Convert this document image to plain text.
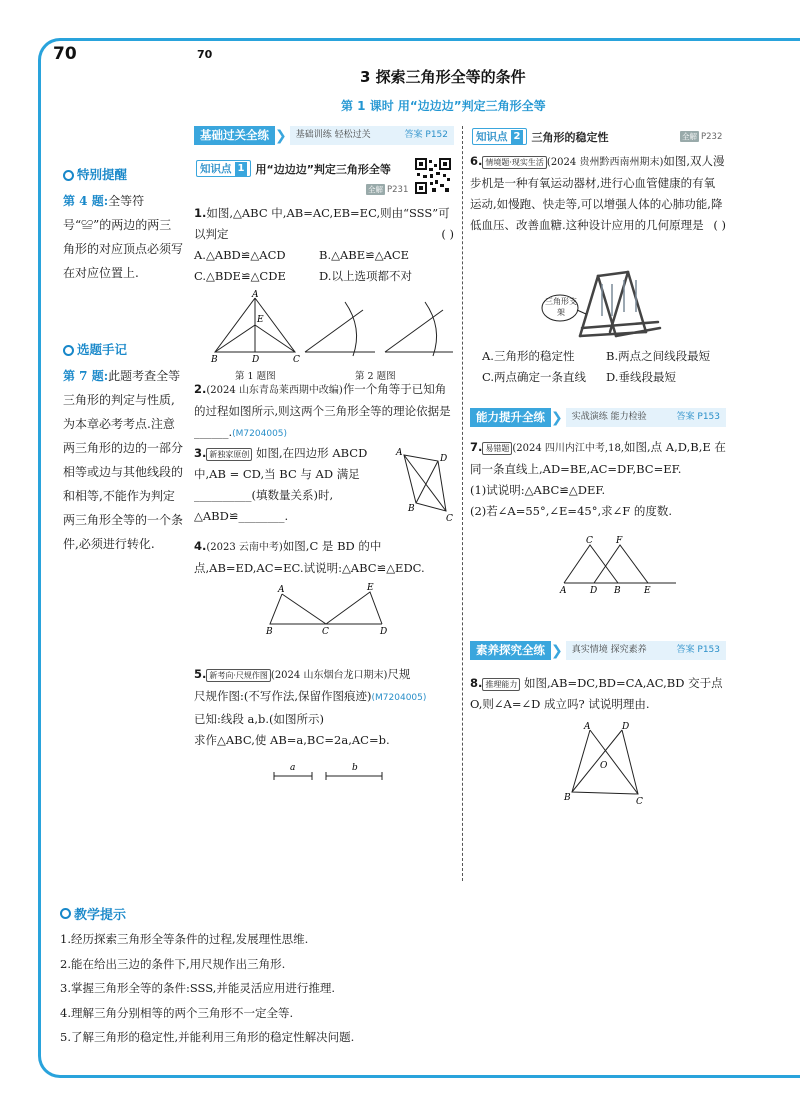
70	70
3 探索三角形全等的条件
第 1 课时 用“边边边”判定三角形全等
特别提醒
第 4 题:全等符号“≌”的两边的两三角形的对应顶点必须写在对应位置上.
选题手记
第 7 题:此题考查全等三角形的判定与性质,为本章必考考点.注意两三角形的边的一部分相等或边与其他线段的和相等,不能作为判定两三角形全等的一个条件,必须进行转化.
基础过关全练 ❯	基础训练 轻松过关	答案 P152
能力提升全练 ❯	实战演练 能力检验	答案 P153
素养探究全练 ❯	真实情境 探究素养	答案 P153
知识点 1 用“边边边”判定三角形全等
全解 P231
1.如图,△ABC 中,AB=AC,EB=EC,则由“SSS”可以判定	( )
A.△ABD≌△ACD	B.△ABE≌△ACE
C.△BDE≌△CDE	D.以上选项都不对
A
E
B	D	C
第 1 题图	第 2 题图
2.(2024 山东青岛莱西期中改编)作一个角等于已知角的过程如图所示,则这两个三角形全等的理论依据是______.(M7204005)
3. 新独家原创 如图,在四边形 ABCD 中,AB = CD,当 BC 与 AD 满足
__________(填数量关系)时,
△ABD≌________.
A
D
B
C
4.(2023 云南中考)如图,C 是 BD 的中点,AB=ED,AC=EC.试说明:△ABC≌△EDC.
A	E
B	C	D
5. 新考向·尺规作图 (2024 山东烟台龙口期末)尺规
尺规作图:(不写作法,保留作图痕迹)(M7204005)
已知:线段 a,b.(如图所示)
求作△ABC,使 AB=a,BC=2a,AC=b.
a	b
知识点 2 三角形的稳定性	全解 P232
6. 情境题·现实生活 (2024 贵州黔西南州期末)如图,双人漫步机是一种有氧运动器材,进行心血管健康的有氧运动,如慢跑、快走等,可以增强人体的心肺功能,降低血压、改善血糖.这种设计应用的几何原理是 ( )
三角形支架
A.三角形的稳定性	B.两点之间线段最短
C.两点确定一条直线	D.垂线段最短
7. 易错题 (2024 四川内江中考,18,如图,点 A,D,B,E 在同一条直线上,AD=BE,AC=DF,BC=EF.
(1)试说明:△ABC≌△DEF.
(2)若∠A=55°,∠E=45°,求∠F 的度数.
C	F
A	D B	E
8. 推理能力 如图,AB=DC,BD=CA,AC,BD 交于点 O,则∠A=∠D 成立吗? 试说明理由.
A	D
O
B	C
教学提示
1.经历探索三角形全等条件的过程,发展理性思维.
2.能在给出三边的条件下,用尺规作出三角形.
3.掌握三角形全等的条件:SSS,并能灵活应用进行推理.
4.理解三角分别相等的两个三角形不一定全等.
5.了解三角形的稳定性,并能利用三角形的稳定性解决问题.
